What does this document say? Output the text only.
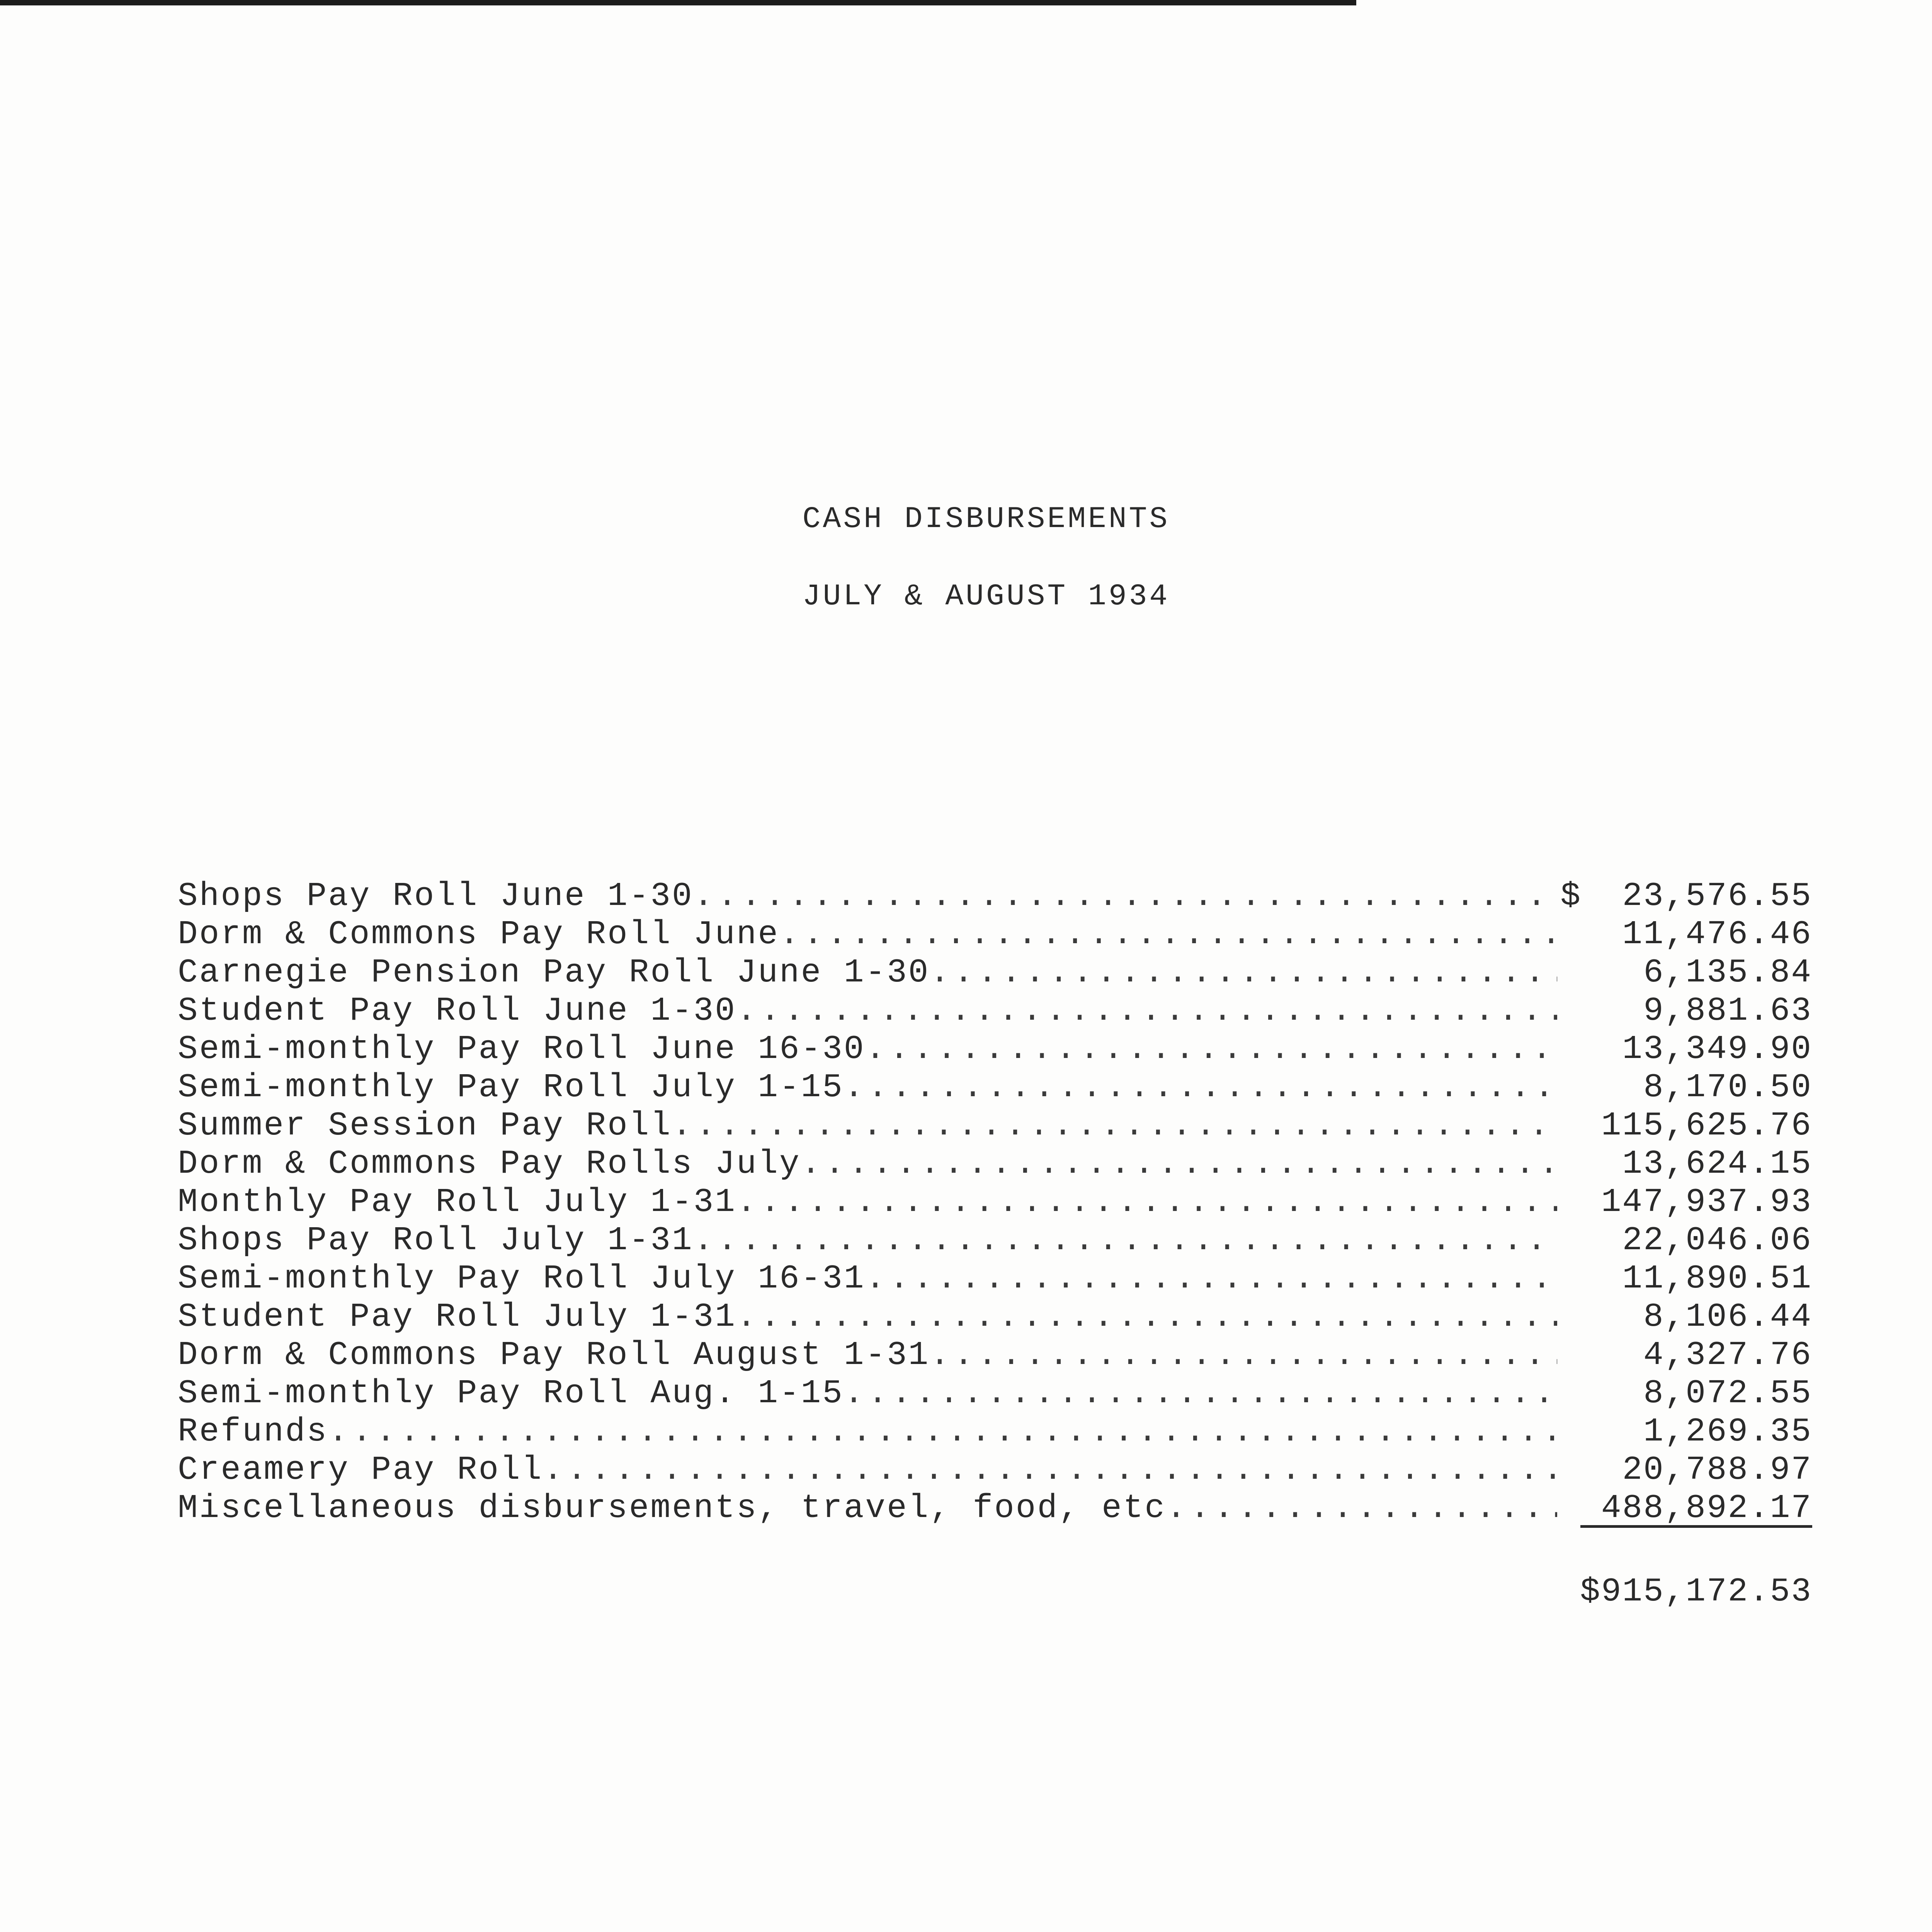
CASH DISBURSEMENTS
JULY & AUGUST 1934
Shops Pay Roll June 1-30 .....	$	23,576.55
Dorm & Commons Pay Roll June .....	11,476.46
Carnegie Pension Pay Roll June 1-30 .....	6,135.84
Student Pay Roll June 1-30 .....	9,881.63
Semi-monthly Pay Roll June 16-30 .....	13,349.90
Semi-monthly Pay Roll July 1-15 .....	8,170.50
Summer Session Pay Roll .....	115,625.76
Dorm & Commons Pay Rolls July .....	13,624.15
Monthly Pay Roll July 1-31 .....	147,937.93
Shops Pay Roll July 1-31 .....	22,046.06
Semi-monthly Pay Roll July 16-31 .....	11,890.51
Student Pay Roll July 1-31 .....	8,106.44
Dorm & Commons Pay Roll August 1-31 .....	4,327.76
Semi-monthly Pay Roll Aug. 1-15 .....	8,072.55
Refunds .....	1,269.35
Creamery Pay Roll .....	20,788.97
Miscellaneous disbursements, travel, food, etc .....	488,892.17
$915,172.53
